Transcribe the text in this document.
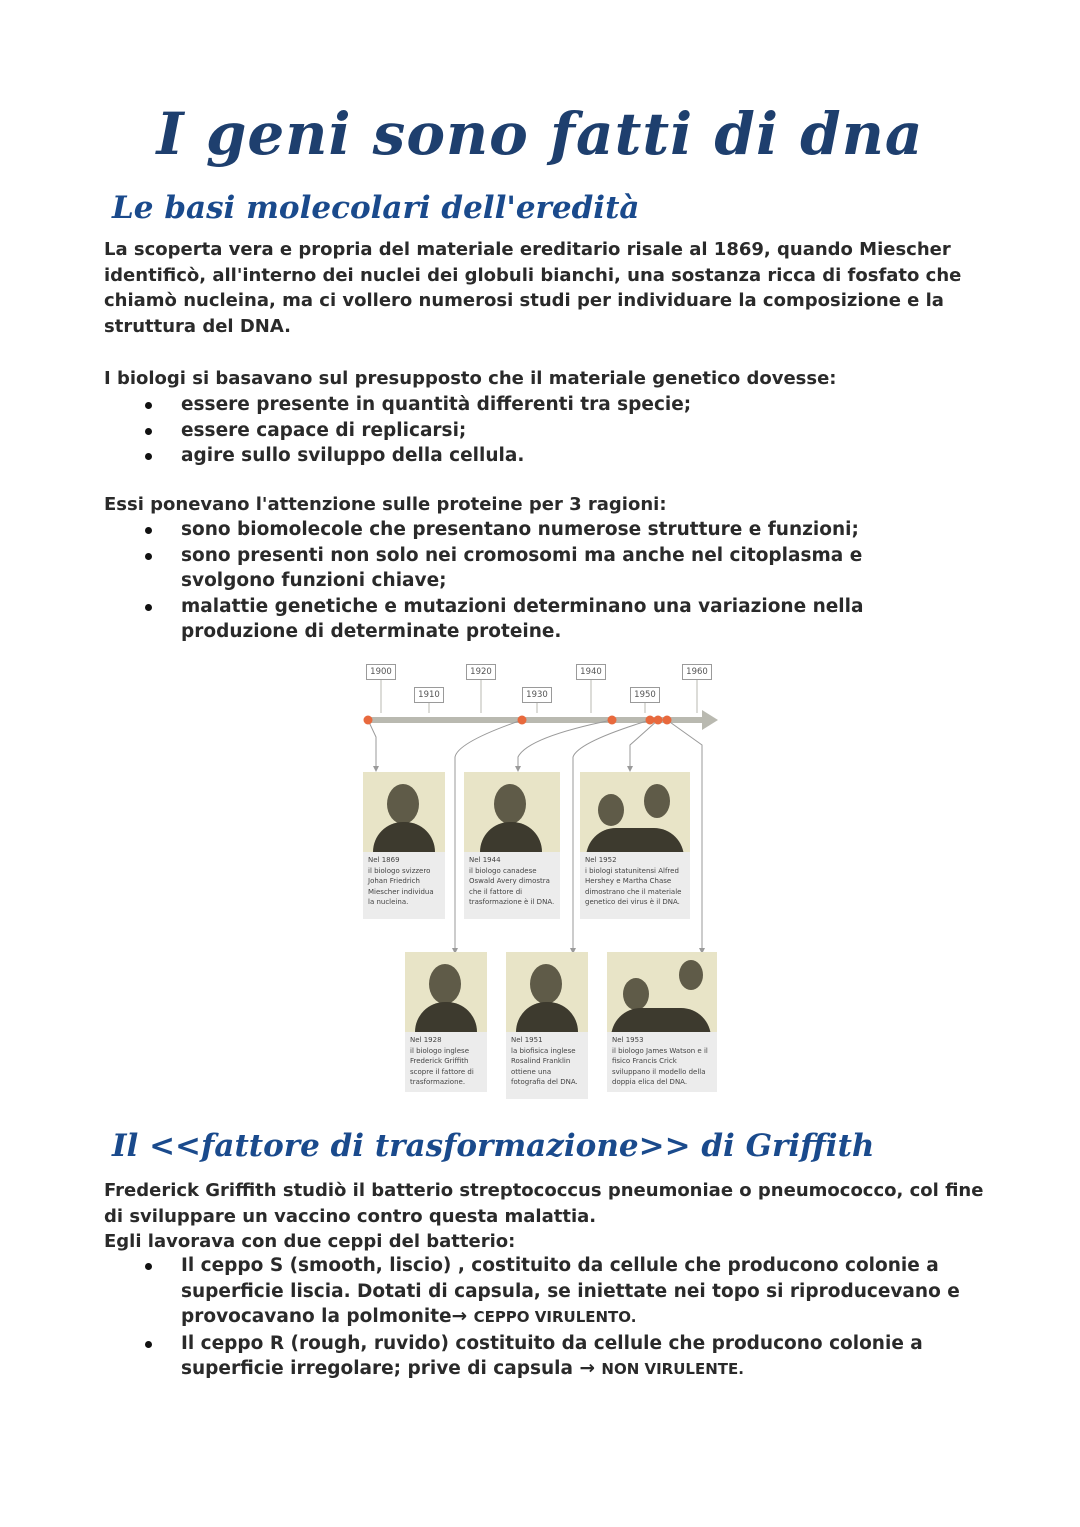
I geni sono fatti di dna
Le basi molecolari dell'eredità

La scoperta vera e propria del materiale ereditario risale al 1869, quando Miescher identificò, all'interno dei nuclei dei globuli bianchi, una sostanza ricca di fosfato che chiamò nucleina, ma ci vollero numerosi studi per individuare la composizione e la struttura del DNA.

I biologi si basavano sul presupposto che il materiale genetico dovesse:

essere presente in quantità differenti tra specie;
essere capace di replicarsi;
agire sullo sviluppo della cellula.

Essi ponevano l'attenzione sulle proteine per 3 ragioni:

sono biomolecole che presentano numerose strutture e funzioni;
sono presenti non solo nei cromosomi ma anche nel citoplasma e svolgono funzioni chiave;
malattie genetiche e mutazioni determinano una variazione nella produzione di determinate proteine.
1900	1920	1940	1960
1910	1930	1950
Nel 1869
il biologo svizzero Johan Friedrich Miescher individua la nucleina.
Nel 1944
il biologo canadese Oswald Avery dimostra che il fattore di trasformazione è il DNA.
Nel 1952
i biologi statunitensi Alfred Hershey e Martha Chase dimostrano che il materiale genetico dei virus è il DNA.
Nel 1928
il biologo inglese Frederick Griffith scopre il fattore di trasformazione.
Nel 1951
la biofisica inglese Rosalind Franklin ottiene una fotografia del DNA.
Nel 1953
il biologo James Watson e il fisico Francis Crick sviluppano il modello della doppia elica del DNA.
Il <<fattore di trasformazione>> di Griffith

Frederick Griffith studiò il batterio streptococcus pneumoniae o pneumococco, col fine di sviluppare un vaccino contro questa malattia.

Egli lavorava con due ceppi del batterio:

Il ceppo S (smooth, liscio) , costituito da cellule che producono colonie a superficie liscia. Dotati di capsula, se iniettate nei topo si riproducevano e provocavano la polmonite→ CEPPO VIRULENTO.
Il ceppo R (rough, ruvido) costituito da cellule che producono colonie a superficie irregolare; prive di capsula → NON VIRULENTE.
